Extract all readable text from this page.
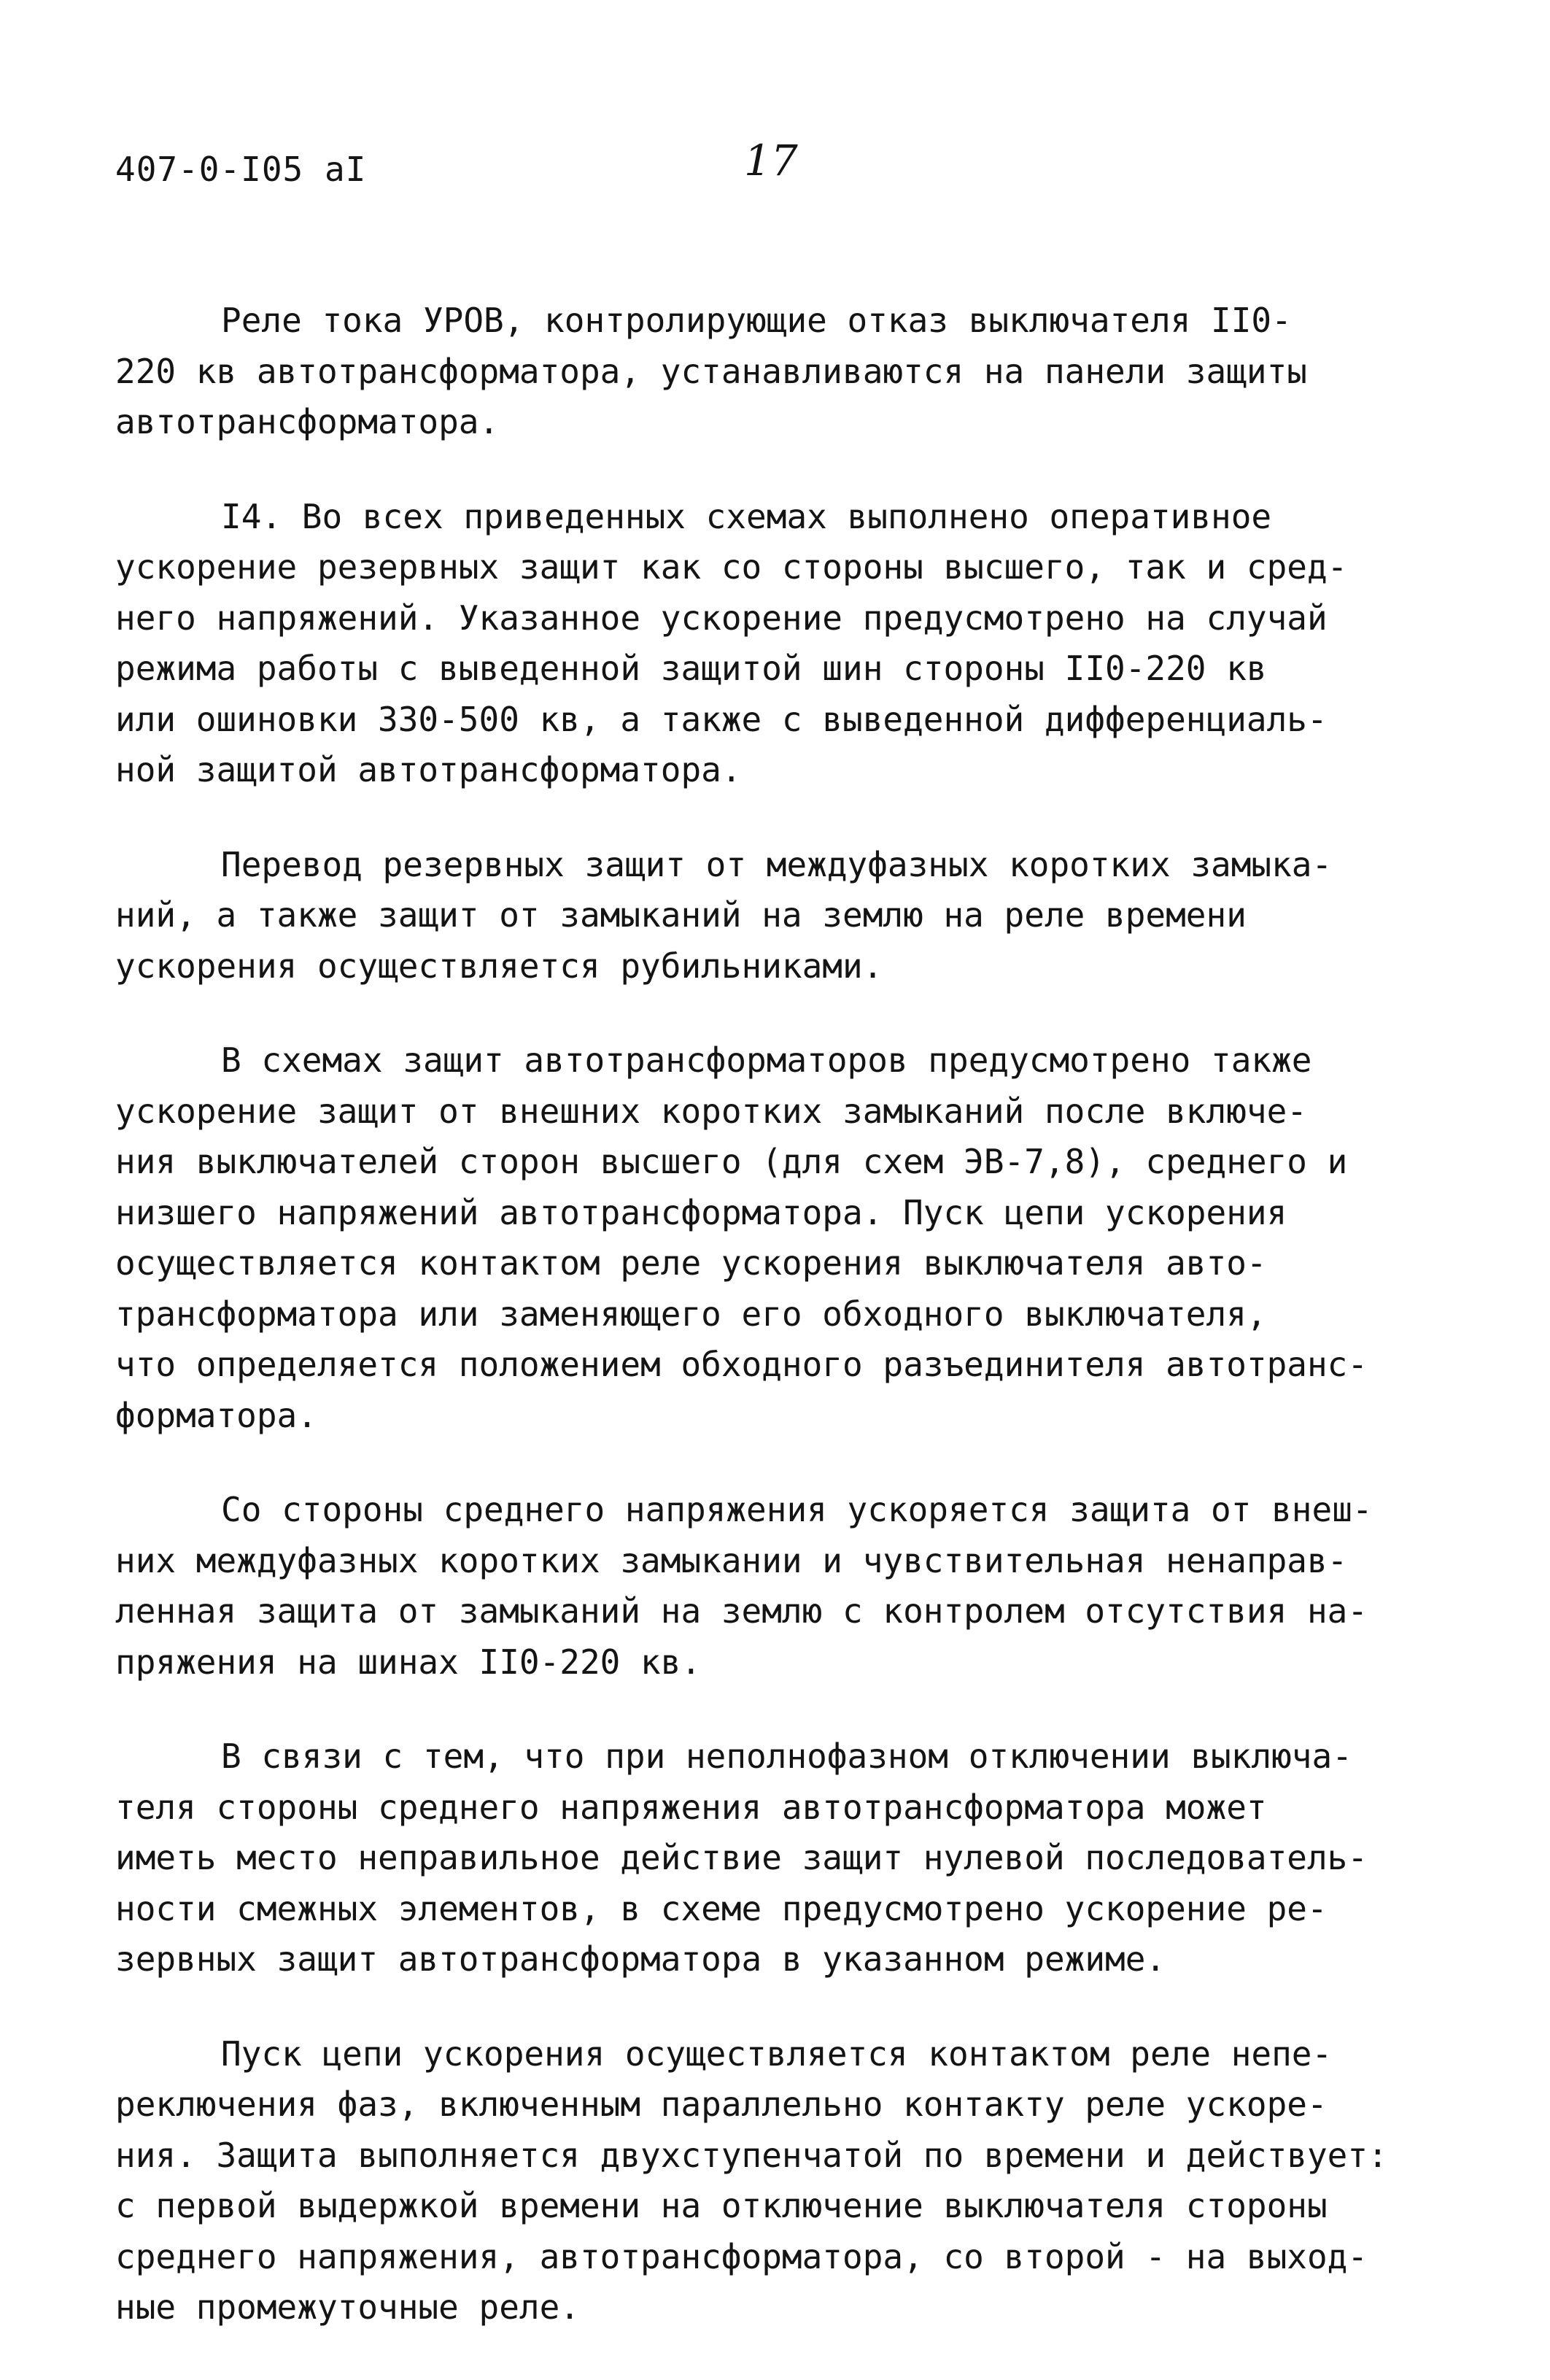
407-0-I05 aI	17
Реле тока УРОВ, контролирующие отказ выключателя II0-
220 кв автотрансформатора, устанавливаются на панели защиты
автотрансформатора.
I4. Во всех приведенных схемах выполнено оперативное
ускорение резервных защит как со стороны высшего, так и сред-
него напряжений. Указанное ускорение предусмотрено на случай
режима работы с выведенной защитой шин стороны II0-220 кв
или ошиновки 330-500 кв, а также с выведенной дифференциаль-
ной защитой автотрансформатора.
Перевод резервных защит от междуфазных коротких замыка-
ний, а также защит от замыканий на землю на реле времени
ускорения осуществляется рубильниками.
В схемах защит автотрансформаторов предусмотрено также
ускорение защит от внешних коротких замыканий после включе-
ния выключателей сторон высшего (для схем ЭВ-7,8), среднего и
низшего напряжений автотрансформатора. Пуск цепи ускорения
осуществляется контактом реле ускорения выключателя авто-
трансформатора или заменяющего его обходного выключателя,
что определяется положением обходного разъединителя автотранс-
форматора.
Со стороны среднего напряжения ускоряется защита от внеш-
них междуфазных коротких замыкании и чувствительная ненаправ-
ленная защита от замыканий на землю с контролем отсутствия на-
пряжения на шинах II0-220 кв.
В связи с тем, что при неполнофазном отключении выключа-
теля стороны среднего напряжения автотрансформатора может
иметь место неправильное действие защит нулевой последователь-
ности смежных элементов, в схеме предусмотрено ускорение ре-
зервных защит автотрансформатора в указанном режиме.
Пуск цепи ускорения осуществляется контактом реле непе-
реключения фаз, включенным параллельно контакту реле ускоре-
ния. Защита выполняется двухступенчатой по времени и действует:
с первой выдержкой времени на отключение выключателя стороны
среднего напряжения, автотрансформатора, со второй - на выход-
ные промежуточные реле.
